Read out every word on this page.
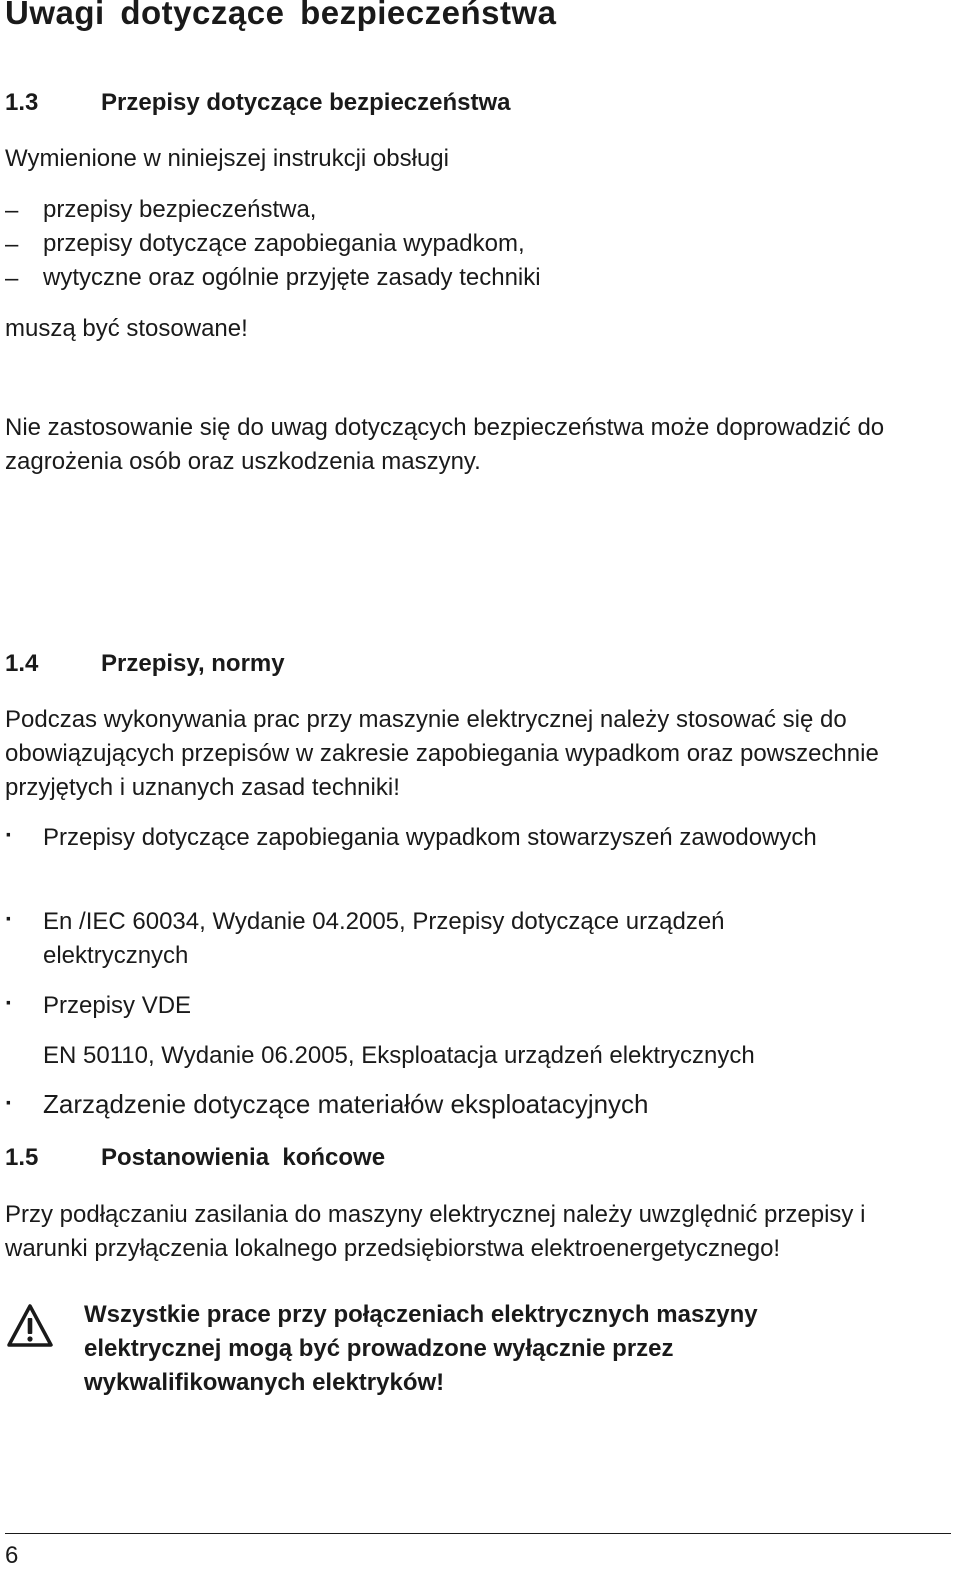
Uwagi dotyczące bezpieczeństwa
1.3	Przepisy dotyczące bezpieczeństwa
Wymienione w niniejszej instrukcji obsługi
– przepisy bezpieczeństwa,
– przepisy dotyczące zapobiegania wypadkom,
– wytyczne oraz ogólnie przyjęte zasady techniki
muszą być stosowane!
Nie zastosowanie się do uwag dotyczących bezpieczeństwa może doprowadzić do zagrożenia osób oraz uszkodzenia maszyny.
1.4	Przepisy, normy
Podczas wykonywania prac przy maszynie elektrycznej należy stosować się do obowiązujących przepisów w zakresie zapobiegania wypadkom oraz powszechnie przyjętych i uznanych zasad techniki!
· Przepisy dotyczące zapobiegania wypadkom stowarzyszeń zawodowych
· En /IEC 60034, Wydanie 04.2005, Przepisy dotyczące urządzeń
elektrycznych
· Przepisy VDE
EN 50110, Wydanie 06.2005, Eksploatacja urządzeń elektrycznych
· Zarządzenie dotyczące materiałów eksploatacyjnych
1.5	Postanowienia  końcowe
Przy podłączaniu zasilania do maszyny elektrycznej należy uwzględnić przepisy i warunki przyłączenia lokalnego przedsiębiorstwa elektroenergetycznego!
Wszystkie prace przy połączeniach elektrycznych maszyny
elektrycznej mogą być prowadzone wyłącznie przez
wykwalifikowanych elektryków!
6
